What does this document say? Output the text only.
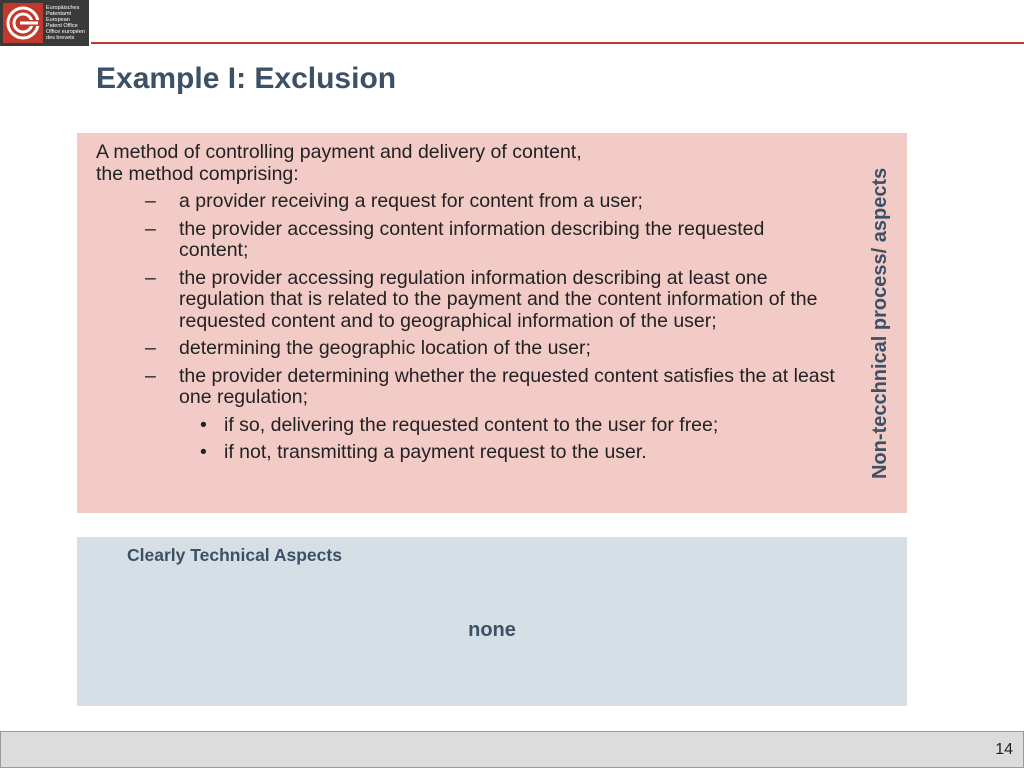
Europäisches
Patentamt
European
Patent Office
Office européen
des brevets
Example I: Exclusion
A method of controlling payment and delivery of content,
the method comprising:
– a provider receiving a request for content from a user;
– the provider accessing content information describing the requested content;
– the provider accessing regulation information describing at least one regulation that is related to the payment and the content information of the requested content and to geographical information of the user;
– determining the geographic location of the user;
– the provider determining whether the requested content satisfies the at least one regulation;
• if so, delivering the requested content to the user for free;
• if not, transmitting a payment request to the user.	Non-tecchnical process/ aspects
Clearly Technical Aspects
none
14
